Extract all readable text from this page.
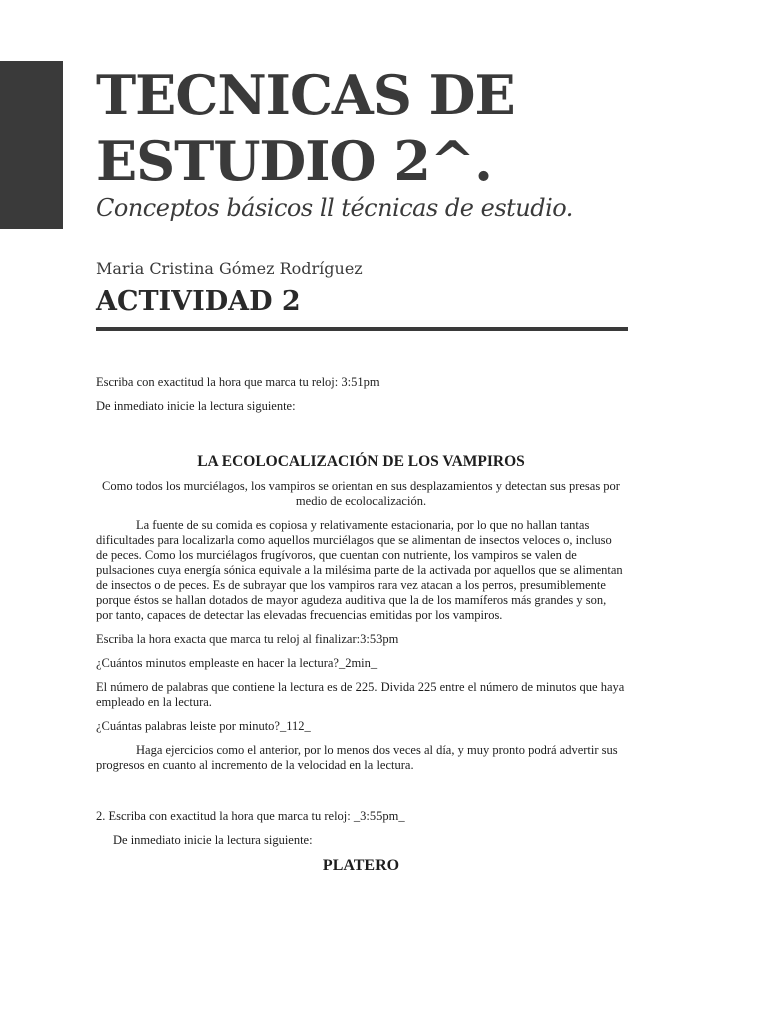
TECNICAS DE
ESTUDIO 2^.
Conceptos básicos ll técnicas de estudio.
Maria Cristina Gómez Rodríguez
ACTIVIDAD 2

Escriba con exactitud la hora que marca tu reloj: 3:51pm

De inmediato inicie la lectura siguiente:

LA ECOLOCALIZACIÓN DE LOS VAMPIROS

Como todos los murciélagos, los vampiros se orientan en sus desplazamientos y detectan sus presas por medio de ecolocalización.

La fuente de su comida es copiosa y relativamente estacionaria, por lo que no hallan tantas dificultades para localizarla como aquellos murciélagos que se alimentan de insectos veloces o, incluso de peces. Como los murciélagos frugívoros, que cuentan con nutriente, los vampiros se valen de pulsaciones cuya energía sónica equivale a la milésima parte de la activada por aquellos que se alimentan de insectos o de peces. Es de subrayar que los vampiros rara vez atacan a los perros, presumiblemente porque éstos se hallan dotados de mayor agudeza auditiva que la de los mamíferos más grandes y son, por tanto, capaces de detectar las elevadas frecuencias emitidas por los vampiros.

Escriba la hora exacta que marca tu reloj al finalizar:3:53pm

¿Cuántos minutos empleaste en hacer la lectura?_2min_

El número de palabras que contiene la lectura es de 225. Divida 225 entre el número de minutos que haya empleado en la lectura.

¿Cuántas palabras leiste por minuto?_112_

Haga ejercicios como el anterior, por lo menos dos veces al día, y muy pronto podrá advertir sus progresos en cuanto al incremento de la velocidad en la lectura.

2. Escriba con exactitud la hora que marca tu reloj: _3:55pm_

De inmediato inicie la lectura siguiente:

PLATERO
